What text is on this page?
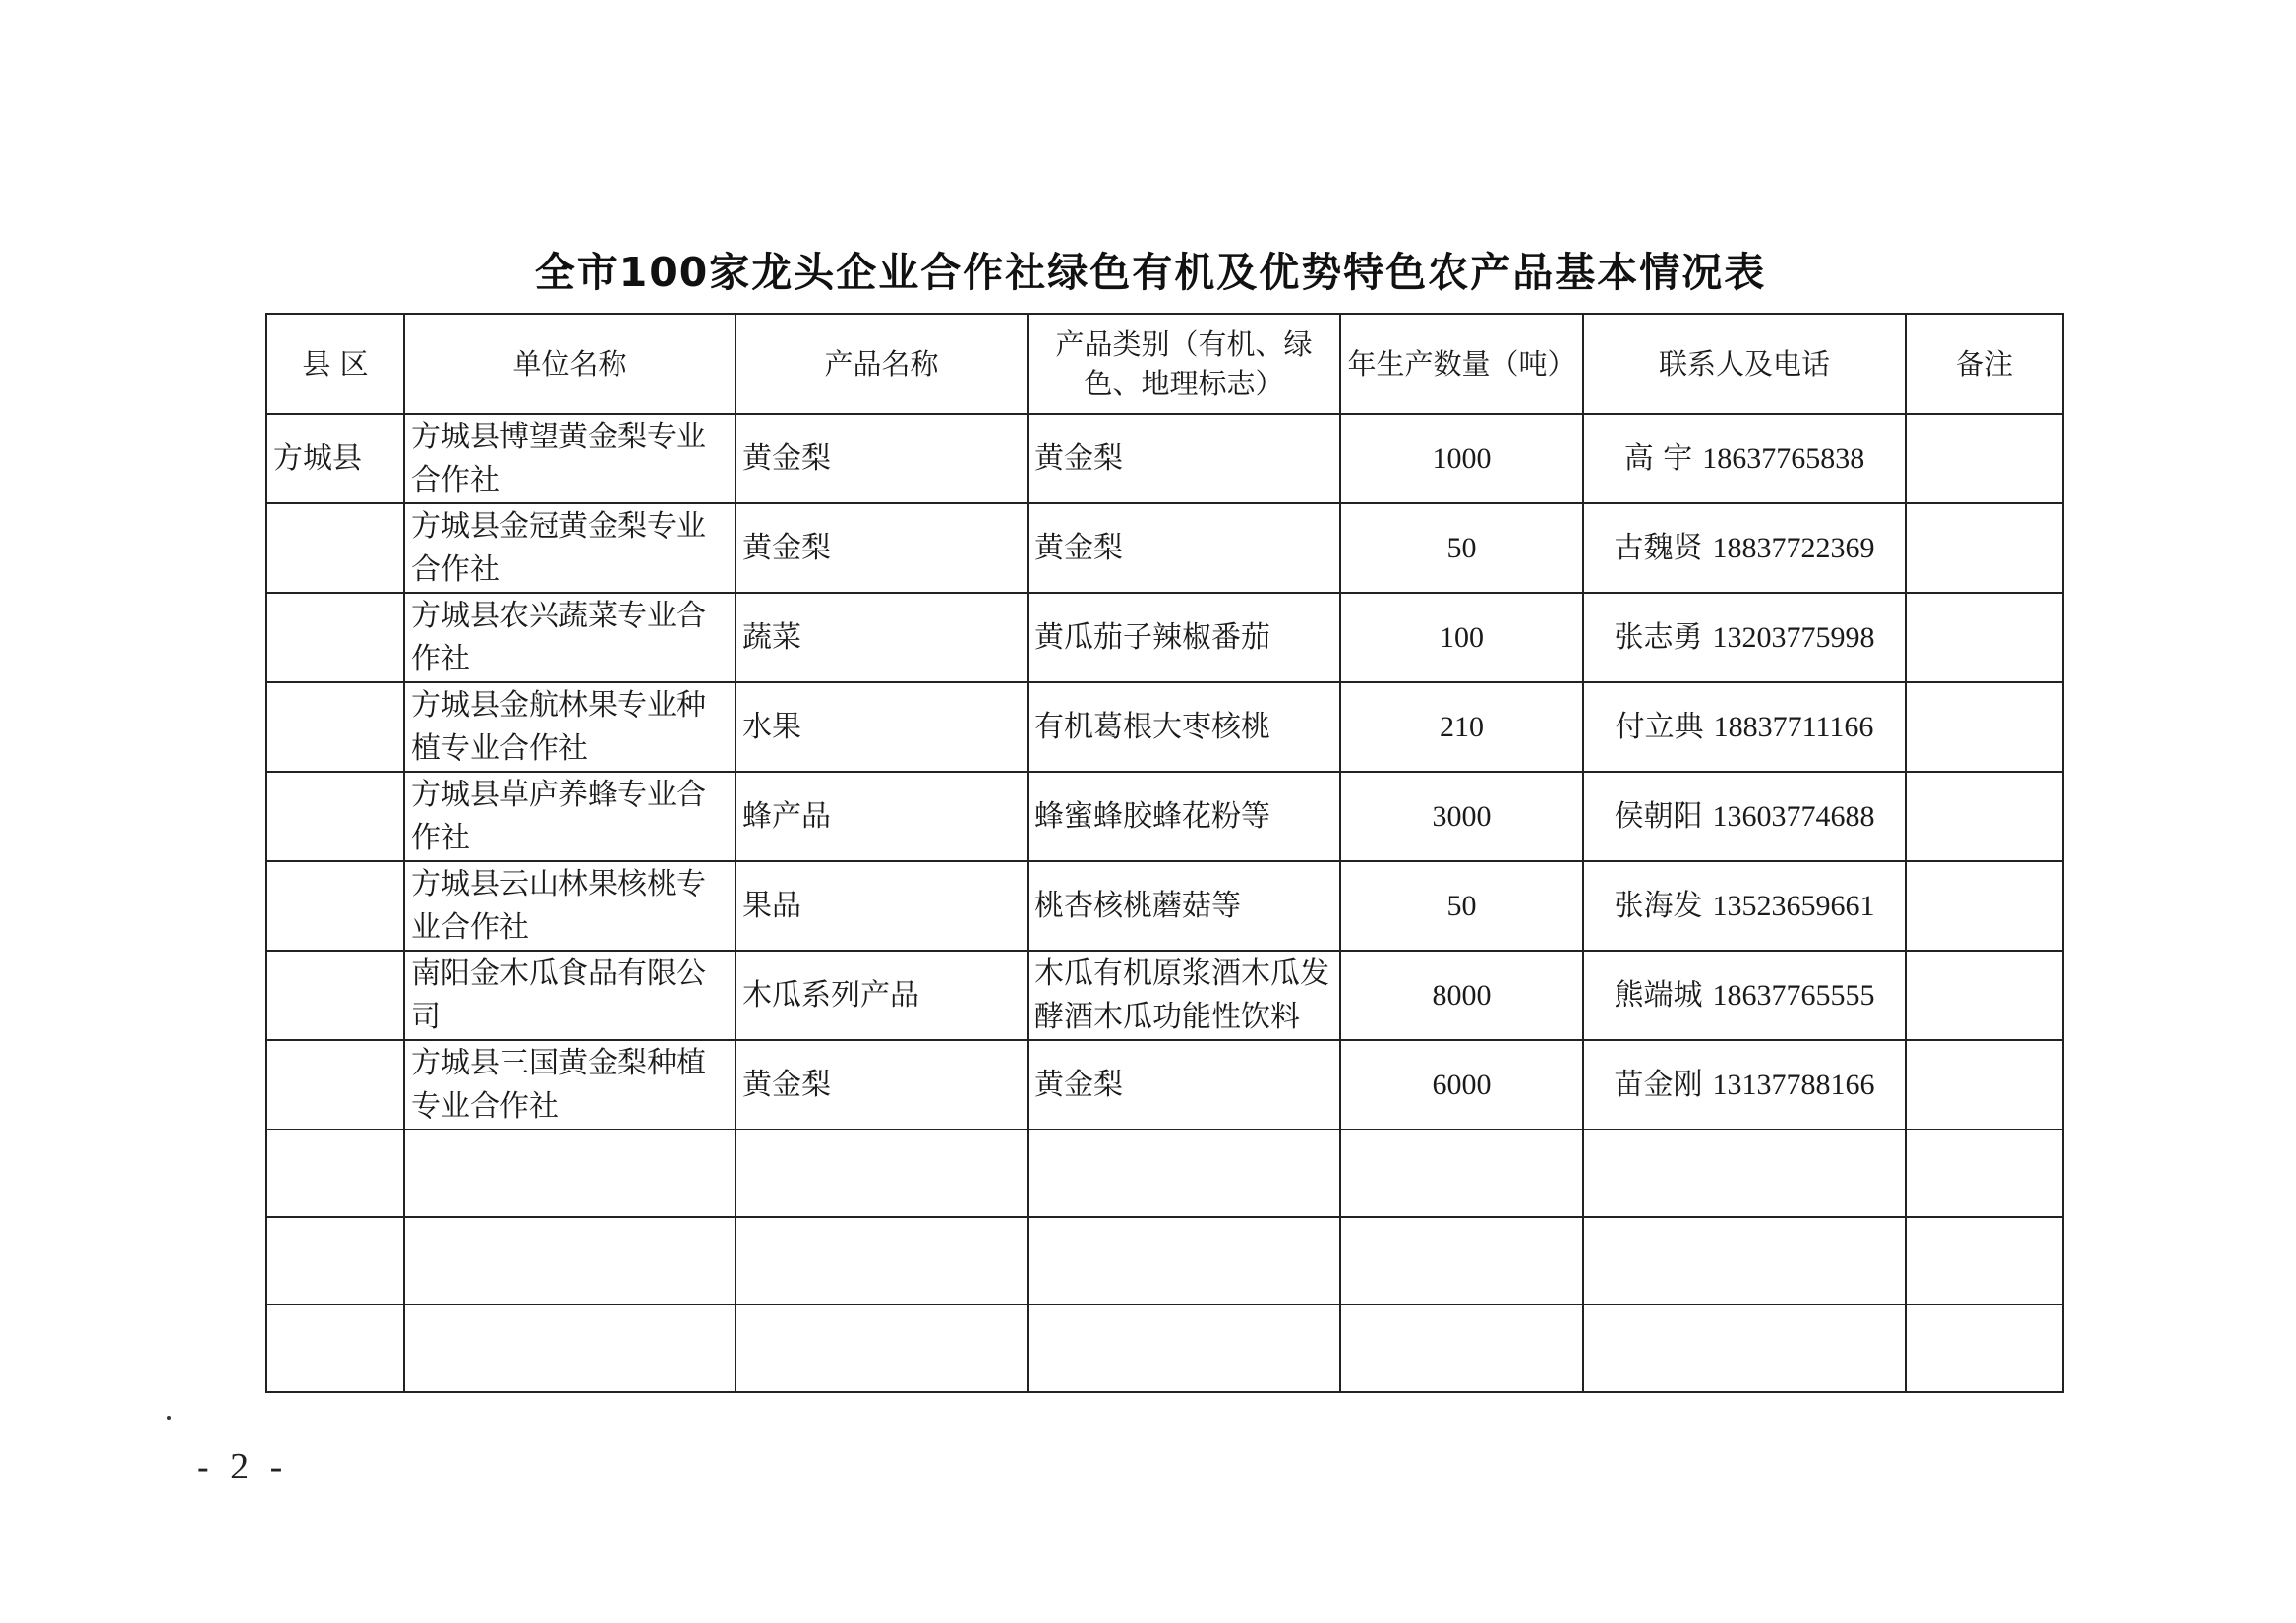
全市100家龙头企业合作社绿色有机及优势特色农产品基本情况表
县 区	单位名称	产品名称	产品类别（有机、绿色、地理标志）	年生产数量（吨）	联系人及电话	备注
方城县	方城县博望黄金梨专业合作社	黄金梨	黄金梨	1000	高 宇 18637765838	
	方城县金冠黄金梨专业合作社	黄金梨	黄金梨	50	古魏贤 18837722369	
	方城县农兴蔬菜专业合作社	蔬菜	黄瓜茄子辣椒番茄	100	张志勇 13203775998	
	方城县金航林果专业种植专业合作社	水果	有机葛根大枣核桃	210	付立典 18837711166	
	方城县草庐养蜂专业合作社	蜂产品	蜂蜜蜂胶蜂花粉等	3000	侯朝阳 13603774688	
	方城县云山林果核桃专业合作社	果品	桃杏核桃蘑菇等	50	张海发 13523659661	
	南阳金木瓜食品有限公司	木瓜系列产品	木瓜有机原浆酒木瓜发酵酒木瓜功能性饮料	8000	熊端城 18637765555	
	方城县三国黄金梨种植专业合作社	黄金梨	黄金梨	6000	苗金刚 13137788166	

- 2 -
